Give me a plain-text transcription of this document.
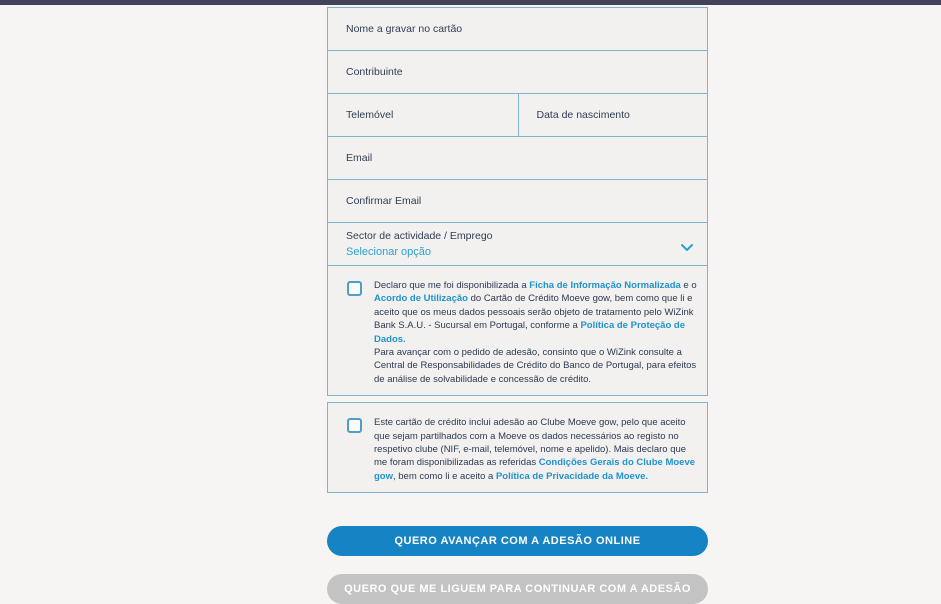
Nome a gravar no cartão
Contribuinte
Telemóvel
Data de nascimento
Email
Confirmar Email
Sector de actividade / Emprego
Selecionar opção

Declaro que me foi disponibilizada a Ficha de Informação Normalizada e o Acordo de Utilização do Cartão de Crédito Moeve gow, bem como que li e aceito que os meus dados pessoais serão objeto de tratamento pelo WiZink Bank S.A.U. - Sucursal em Portugal, conforme a Política de Proteção de Dados.
Para avançar com o pedido de adesão, consinto que o WiZink consulte a Central de Responsabilidades de Crédito do Banco de Portugal, para efeitos de análise de solvabilidade e concessão de crédito.

Este cartão de crédito inclui adesão ao Clube Moeve gow, pelo que aceito que sejam partilhados com a Moeve os dados necessários ao registo no respetivo clube (NIF, e-mail, telemóvel, nome e apelido). Mais declaro que me foram disponibilizadas as referidas Condições Gerais do Clube Moeve gow, bem como li e aceito a Política de Privacidade da Moeve.

QUERO AVANÇAR COM A ADESÃO ONLINE
QUERO QUE ME LIGUEM PARA CONTINUAR COM A ADESÃO
